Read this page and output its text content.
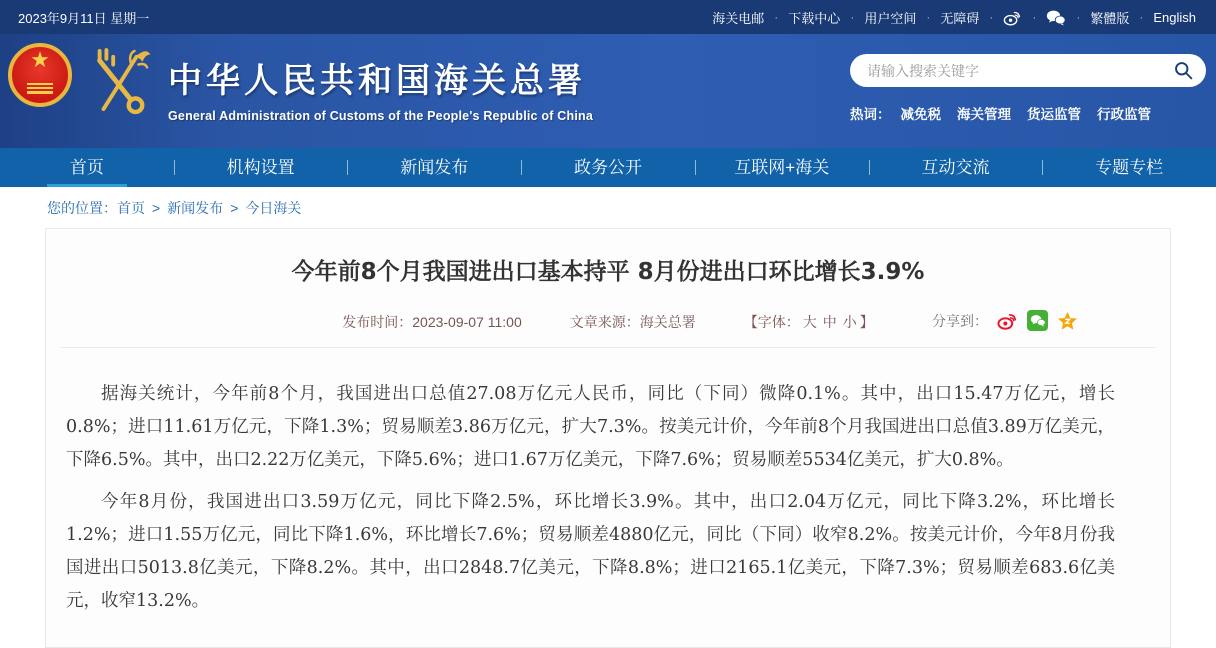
2023年9月11日 星期一	海关电邮 · 下载中心 · 用户空间 · 无障碍 ·	·	· 繁體版 · English
★
中华人民共和国海关总署
General Administration of Customs of the People's Republic of China
请输入搜索关键字	热词： 减免税 海关管理 货运监管 行政监管
首页	机构设置	新闻发布	政务公开	互联网+海关	互动交流	专题专栏
您的位置： 首页 > 新闻发布 > 今日海关
今年前8个月我国进出口基本持平 8月份进出口环比增长3.9%
发布时间：2023-09-07 11:00	文章来源：海关总署	【字体： 大 中 小 】	分享到：

据海关统计，今年前8个月，我国进出口总值27.08万亿元人民币，同比（下同）微降0.1%。其中，出口15.47万亿元，增长0.8%；进口11.61万亿元，下降1.3%；贸易顺差3.86万亿元，扩大7.3%。按美元计价，今年前8个月我国进出口总值3.89万亿美元，下降6.5%。其中，出口2.22万亿美元，下降5.6%；进口1.67万亿美元，下降7.6%；贸易顺差5534亿美元，扩大0.8%。

今年8月份，我国进出口3.59万亿元，同比下降2.5%，环比增长3.9%。其中，出口2.04万亿元，同比下降3.2%，环比增长1.2%；进口1.55万亿元，同比下降1.6%，环比增长7.6%；贸易顺差4880亿元，同比（下同）收窄8.2%。按美元计价，今年8月份我国进出口5013.8亿美元，下降8.2%。其中，出口2848.7亿美元，下降8.8%；进口2165.1亿美元，下降7.3%；贸易顺差683.6亿美元，收窄13.2%。
